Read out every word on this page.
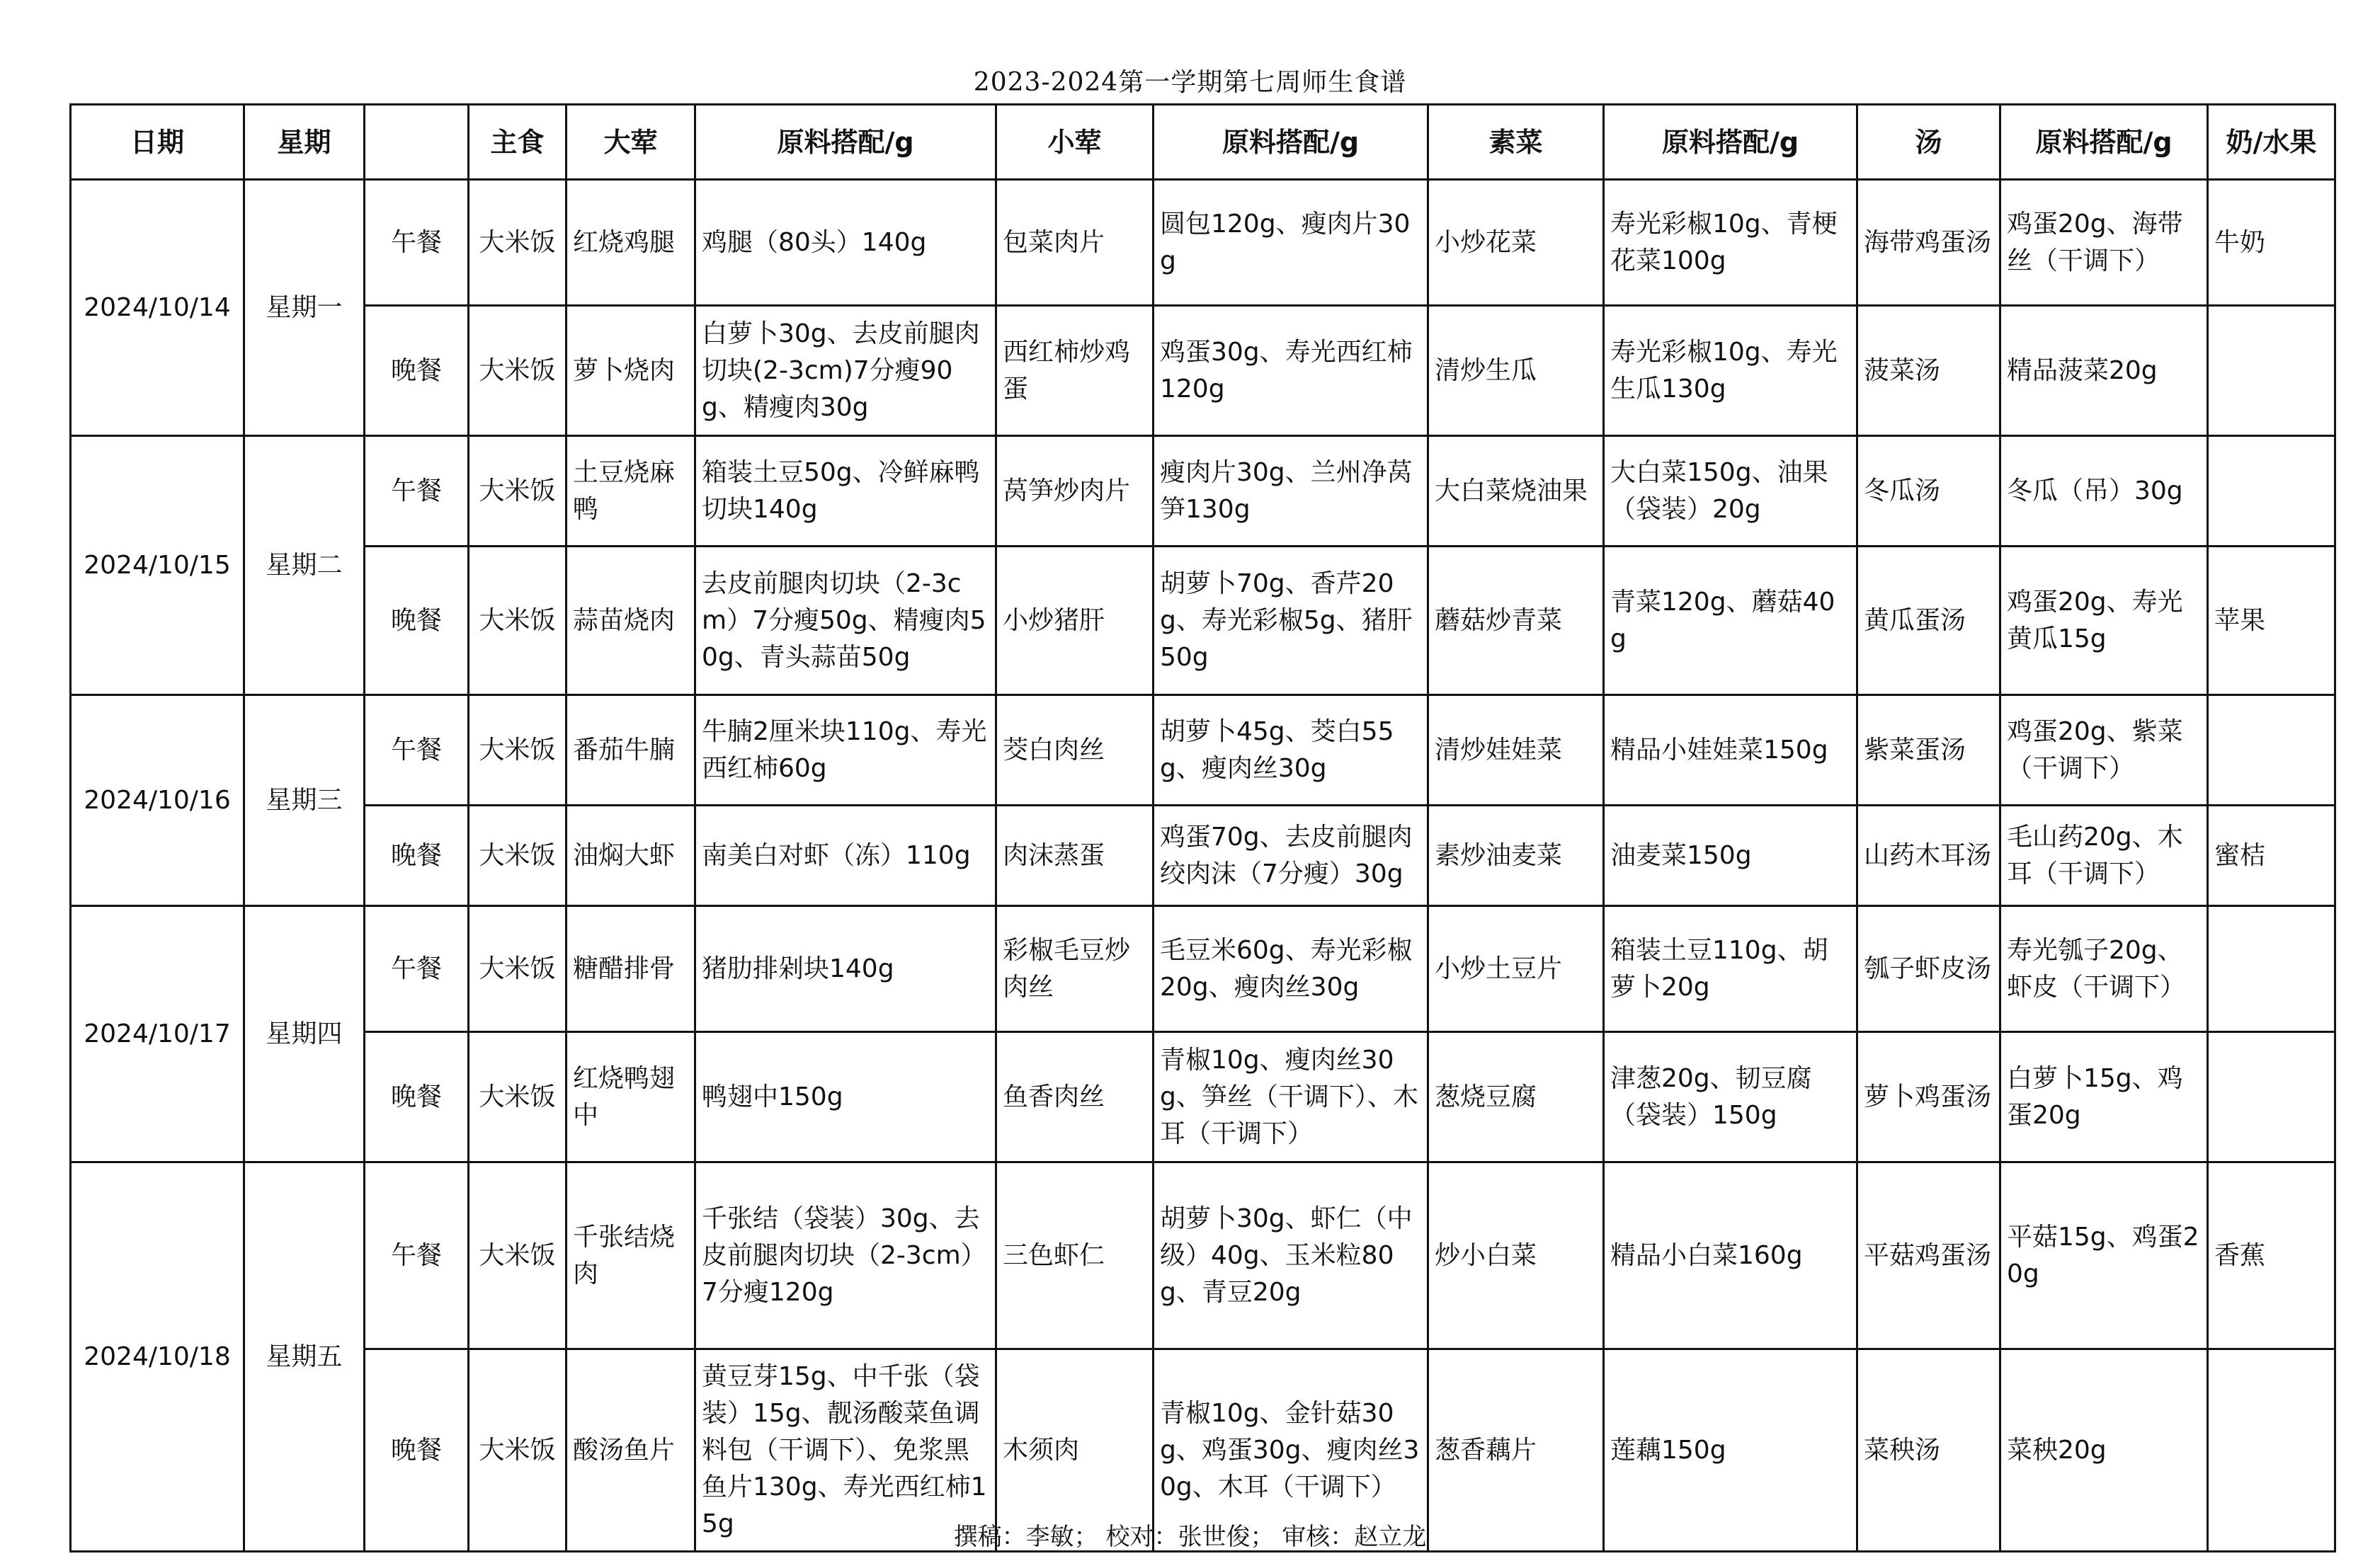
2023-2024第一学期第七周师生食谱
日期	星期		主食	大荤	原料搭配/g	小荤	原料搭配/g	素菜	原料搭配/g	汤	原料搭配/g	奶/水果
2024/10/14	星期一	午餐	大米饭	红烧鸡腿	鸡腿（80头）140g	包菜肉片	圆包120g、瘦肉片30g	小炒花菜	寿光彩椒10g、青梗花菜100g	海带鸡蛋汤	鸡蛋20g、海带丝（干调下）	牛奶
		晚餐	大米饭	萝卜烧肉	白萝卜30g、去皮前腿肉切块(2-3cm)7分瘦90g、精瘦肉30g	西红柿炒鸡蛋	鸡蛋30g、寿光西红柿120g	清炒生瓜	寿光彩椒10g、寿光生瓜130g	菠菜汤	精品菠菜20g	
2024/10/15	星期二	午餐	大米饭	土豆烧麻鸭	箱装土豆50g、冷鲜麻鸭切块140g	莴笋炒肉片	瘦肉片30g、兰州净莴笋130g	大白菜烧油果	大白菜150g、油果（袋装）20g	冬瓜汤	冬瓜（吊）30g	
		晚餐	大米饭	蒜苗烧肉	去皮前腿肉切块（2-3cm）7分瘦50g、精瘦肉50g、青头蒜苗50g	小炒猪肝	胡萝卜70g、香芹20g、寿光彩椒5g、猪肝50g	蘑菇炒青菜	青菜120g、蘑菇40g	黄瓜蛋汤	鸡蛋20g、寿光黄瓜15g	苹果
2024/10/16	星期三	午餐	大米饭	番茄牛腩	牛腩2厘米块110g、寿光西红柿60g	茭白肉丝	胡萝卜45g、茭白55g、瘦肉丝30g	清炒娃娃菜	精品小娃娃菜150g	紫菜蛋汤	鸡蛋20g、紫菜（干调下）	
		晚餐	大米饭	油焖大虾	南美白对虾（冻）110g	肉沫蒸蛋	鸡蛋70g、去皮前腿肉绞肉沫（7分瘦）30g	素炒油麦菜	油麦菜150g	山药木耳汤	毛山药20g、木耳（干调下）	蜜桔
2024/10/17	星期四	午餐	大米饭	糖醋排骨	猪肋排剁块140g	彩椒毛豆炒肉丝	毛豆米60g、寿光彩椒20g、瘦肉丝30g	小炒土豆片	箱装土豆110g、胡萝卜20g	瓠子虾皮汤	寿光瓠子20g、虾皮（干调下）	
		晚餐	大米饭	红烧鸭翅中	鸭翅中150g	鱼香肉丝	青椒10g、瘦肉丝30g、笋丝（干调下）、木耳（干调下）	葱烧豆腐	津葱20g、韧豆腐（袋装）150g	萝卜鸡蛋汤	白萝卜15g、鸡蛋20g	
2024/10/18	星期五	午餐	大米饭	千张结烧肉	千张结（袋装）30g、去皮前腿肉切块（2-3cm）7分瘦120g	三色虾仁	胡萝卜30g、虾仁（中级）40g、玉米粒80g、青豆20g	炒小白菜	精品小白菜160g	平菇鸡蛋汤	平菇15g、鸡蛋20g	香蕉
		晚餐	大米饭	酸汤鱼片	黄豆芽15g、中千张（袋装）15g、靓汤酸菜鱼调料包（干调下）、免浆黑鱼片130g、寿光西红柿15g	木须肉	青椒10g、金针菇30g、鸡蛋30g、瘦肉丝30g、木耳（干调下）	葱香藕片	莲藕150g	菜秧汤	菜秧20g	
撰稿：李敏； 校对：张世俊； 审核：赵立龙
